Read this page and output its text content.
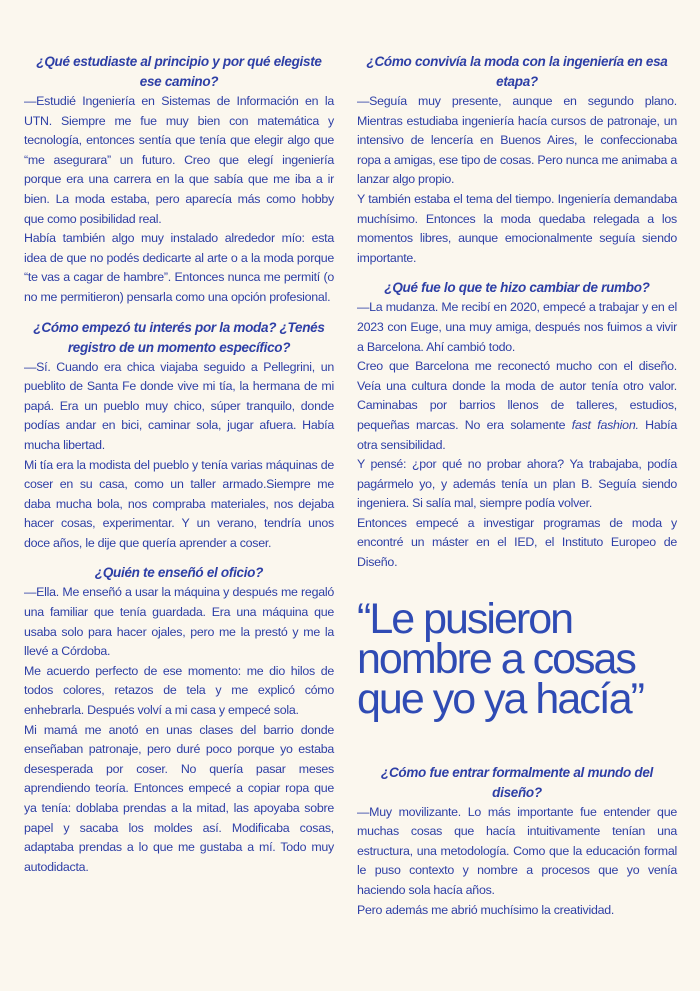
¿Qué estudiaste al principio y por qué elegiste ese camino?

—Estudié Ingeniería en Sistemas de Información en la UTN. Siempre me fue muy bien con matemática y tecnología, entonces sentía que tenía que elegir algo que “me asegurara” un futuro. Creo que elegí ingeniería porque era una carrera en la que sabía que me iba a ir bien. La moda estaba, pero aparecía más como hobby que como posibilidad real.

Había también algo muy instalado alrededor mío: esta idea de que no podés dedicarte al arte o a la moda porque “te vas a cagar de hambre”. Entonces nunca me permití (o no me permitieron) pensarla como una opción profesional.

¿Cómo empezó tu interés por la moda? ¿Tenés registro de un momento específico?

—Sí. Cuando era chica viajaba seguido a Pellegrini, un pueblito de Santa Fe donde vive mi tía, la hermana de mi papá. Era un pueblo muy chico, súper tranquilo, donde podías andar en bici, caminar sola, jugar afuera. Había mucha libertad.

Mi tía era la modista del pueblo y tenía varias máquinas de coser en su casa, como un taller armado.Siempre me daba mucha bola, nos compraba materiales, nos dejaba hacer cosas, experimentar. Y un verano, tendría unos doce años, le dije que quería aprender a coser.

¿Quién te enseñó el oficio?

—Ella. Me enseñó a usar la máquina y después me regaló una familiar que tenía guardada. Era una máquina que usaba solo para hacer ojales, pero me la prestó y me la llevé a Córdoba.

Me acuerdo perfecto de ese momento: me dio hilos de todos colores, retazos de tela y me explicó cómo enhebrarla. Después volví a mi casa y empecé sola.

Mi mamá me anotó en unas clases del barrio donde enseñaban patronaje, pero duré poco porque yo estaba desesperada por coser. No quería pasar meses aprendiendo teoría. Entonces empecé a copiar ropa que ya tenía: doblaba prendas a la mitad, las apoyaba sobre papel y sacaba los moldes así. Modificaba cosas, adaptaba prendas a lo que me gustaba a mí. Todo muy autodidacta.

¿Cómo convivía la moda con la ingeniería en esa etapa?

—Seguía muy presente, aunque en segundo plano. Mientras estudiaba ingeniería hacía cursos de patronaje, un intensivo de lencería en Buenos Aires, le confeccionaba ropa a amigas, ese tipo de cosas. Pero nunca me animaba a lanzar algo propio.

Y también estaba el tema del tiempo. Ingeniería demandaba muchísimo. Entonces la moda quedaba relegada a los momentos libres, aunque emocionalmente seguía siendo importante.

¿Qué fue lo que te hizo cambiar de rumbo?

—La mudanza. Me recibí en 2020, empecé a trabajar y en el 2023 con Euge, una muy amiga, después nos fuimos a vivir a Barcelona. Ahí cambió todo.

Creo que Barcelona me reconectó mucho con el diseño. Veía una cultura donde la moda de autor tenía otro valor. Caminabas por barrios llenos de talleres, estudios, pequeñas marcas. No era solamente fast fashion. Había otra sensibilidad.

Y pensé: ¿por qué no probar ahora? Ya trabajaba, podía pagármelo yo, y además tenía un plan B. Seguía siendo ingeniera. Si salía mal, siempre podía volver.

Entonces empecé a investigar programas de moda y encontré un máster en el IED, el Instituto Europeo de Diseño.

“Le pusieron nombre a cosas que yo ya hacía”

¿Cómo fue entrar formalmente al mundo del diseño?

—Muy movilizante. Lo más importante fue entender que muchas cosas que hacía intuitivamente tenían una estructura, una metodología. Como que la educación formal le puso contexto y nombre a procesos que yo venía haciendo sola hacía años.

Pero además me abrió muchísimo la creatividad.
